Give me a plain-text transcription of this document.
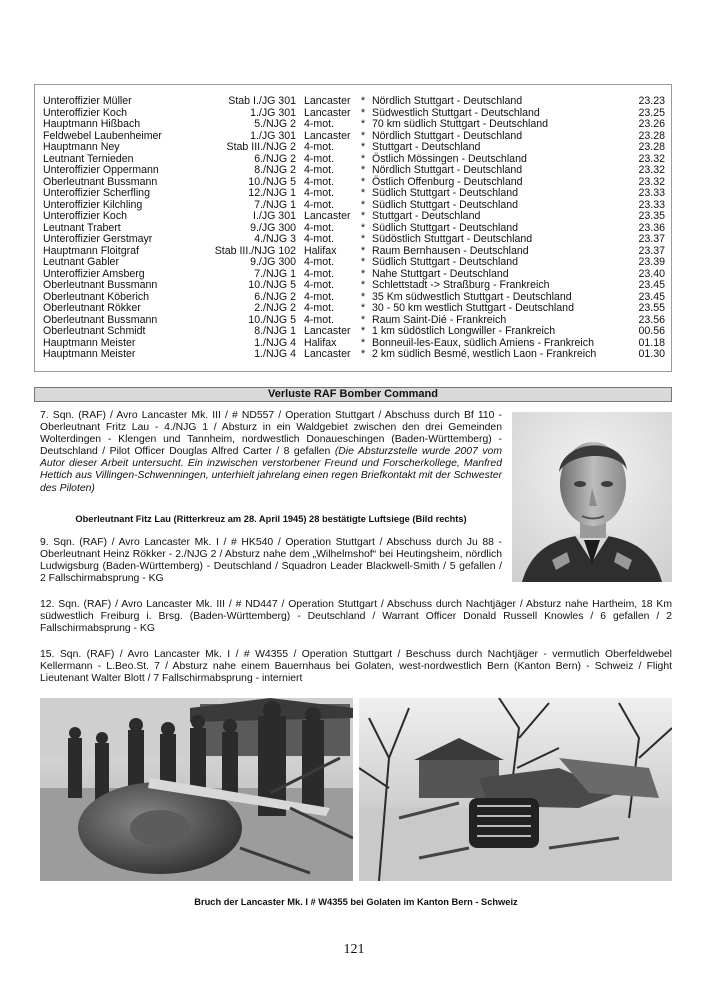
Unteroffizier Müller	Stab I./JG 301	Lancaster	*	Nördlich Stuttgart - Deutschland	23.23
Unteroffizier Koch	1./JG 301	Lancaster	*	Südwestlich Stuttgart - Deutschland	23.25
Hauptmann Hißbach	5./NJG 2	4-mot.	*	70 km südlich Stuttgart - Deutschland	23.26
Feldwebel Laubenheimer	1./JG 301	Lancaster	*	Nördlich Stuttgart - Deutschland	23.28
Hauptmann Ney	Stab III./NJG 2	4-mot.	*	Stuttgart - Deutschland	23.28
Leutnant Ternieden	6./NJG 2	4-mot.	*	Östlich Mössingen - Deutschland	23.32
Unteroffizier Oppermann	8./NJG 2	4-mot.	*	Nördlich Stuttgart - Deutschland	23.32
Oberleutnant Bussmann	10./NJG 5	4-mot.	*	Östlich Offenburg - Deutschland	23.32
Unteroffizier Scherfling	12./NJG 1	4-mot.	*	Südlich Stuttgart - Deutschland	23.33
Unteroffizier Kilchling	7./NJG 1	4-mot.	*	Südlich Stuttgart - Deutschland	23.33
Unteroffizier Koch	I./JG 301	Lancaster	*	Stuttgart - Deutschland	23.35
Leutnant Trabert	9./JG 300	4-mot.	*	Südlich Stuttgart - Deutschland	23.36
Unteroffizier Gerstmayr	4./NJG 3	4-mot.	*	Südöstlich Stuttgart - Deutschland	23.37
Hauptmann Floitgraf	Stab III./NJG 102	Halifax	*	Raum Bernhausen - Deutschland	23.37
Leutnant Gabler	9./JG 300	4-mot.	*	Südlich Stuttgart - Deutschland	23.39
Unteroffizier Amsberg	7./NJG 1	4-mot.	*	Nahe Stuttgart - Deutschland	23.40
Oberleutnant Bussmann	10./NJG 5	4-mot.	*	Schlettstadt -> Straßburg - Frankreich	23.45
Oberleutnant Köberich	6./NJG 2	4-mot.	*	35 Km südwestlich Stuttgart - Deutschland	23.45
Oberleutnant Rökker	2./NJG 2	4-mot.	*	30 - 50 km westlich Stuttgart - Deutschland	23.55
Oberleutnant Bussmann	10./NJG 5	4-mot.	*	Raum Saint-Dié - Frankreich	23.56
Oberleutnant Schmidt	8./NJG 1	Lancaster	*	1 km südöstlich Longwiller - Frankreich	00.56
Hauptmann Meister	1./NJG 4	Halifax	*	Bonneuil-les-Eaux, südlich Amiens - Frankreich	01.18
Hauptmann Meister	1./NJG 4	Lancaster	*	2 km südlich Besmé, westlich Laon - Frankreich	01.30
Verluste RAF Bomber Command

7. Sqn. (RAF) / Avro Lancaster Mk. III / # ND557 / Operation Stuttgart / Abschuss durch Bf 110 - Oberleutnant Fritz Lau - 4./NJG 1 / Absturz in ein Waldgebiet zwischen den drei Gemeinden Wolterdingen - Klengen und Tannheim, nordwestlich Donaueschingen (Baden-Württemberg) - Deutschland / Pilot Officer Douglas Alfred Carter / 8 gefallen (Die Absturzstelle wurde 2007 vom Autor dieser Arbeit untersucht. Ein inzwischen verstorbener Freund und Forscherkollege, Manfred Hettich aus Villingen-Schwenningen, unterhielt jahrelang einen regen Briefkontakt mit der Schwester des Piloten)

Oberleutnant Fitz Lau (Ritterkreuz am 28. April 1945) 28 bestätigte Luftsiege (Bild rechts)

9. Sqn. (RAF) / Avro Lancaster Mk. I / # HK540 / Operation Stuttgart / Abschuss durch Ju 88 - Oberleutnant Heinz Rökker - 2./NJG 2 / Absturz nahe dem „Wilhelmshof“ bei Heutingsheim, nördlich Ludwigsburg (Baden-Württemberg) - Deutschland / Squadron Leader Blackwell-Smith / 5 gefallen / 2 Fallschirmabsprung - KG

12. Sqn. (RAF) / Avro Lancaster Mk. III / # ND447 / Operation Stuttgart / Abschuss durch Nachtjäger / Absturz nahe Hartheim, 18 Km südwestlich Freiburg i. Brsg. (Baden-Württemberg) - Deutschland / Warrant Officer Donald Russell Knowles / 6 gefallen / 2 Fallschirmabsprung - KG

15. Sqn. (RAF) / Avro Lancaster Mk. I / # W4355 / Operation Stuttgart / Beschuss durch Nachtjäger - vermutlich Oberfeldwebel Kellermann - L.Beo.St. 7 / Absturz nahe einem Bauernhaus bei Golaten, west-nordwestlich Bern (Kanton Bern) - Schweiz / Flight Lieutenant Walter Blott / 7 Fallschirmabsprung - interniert

Bruch der Lancaster Mk. I # W4355 bei Golaten im Kanton Bern - Schweiz
121
